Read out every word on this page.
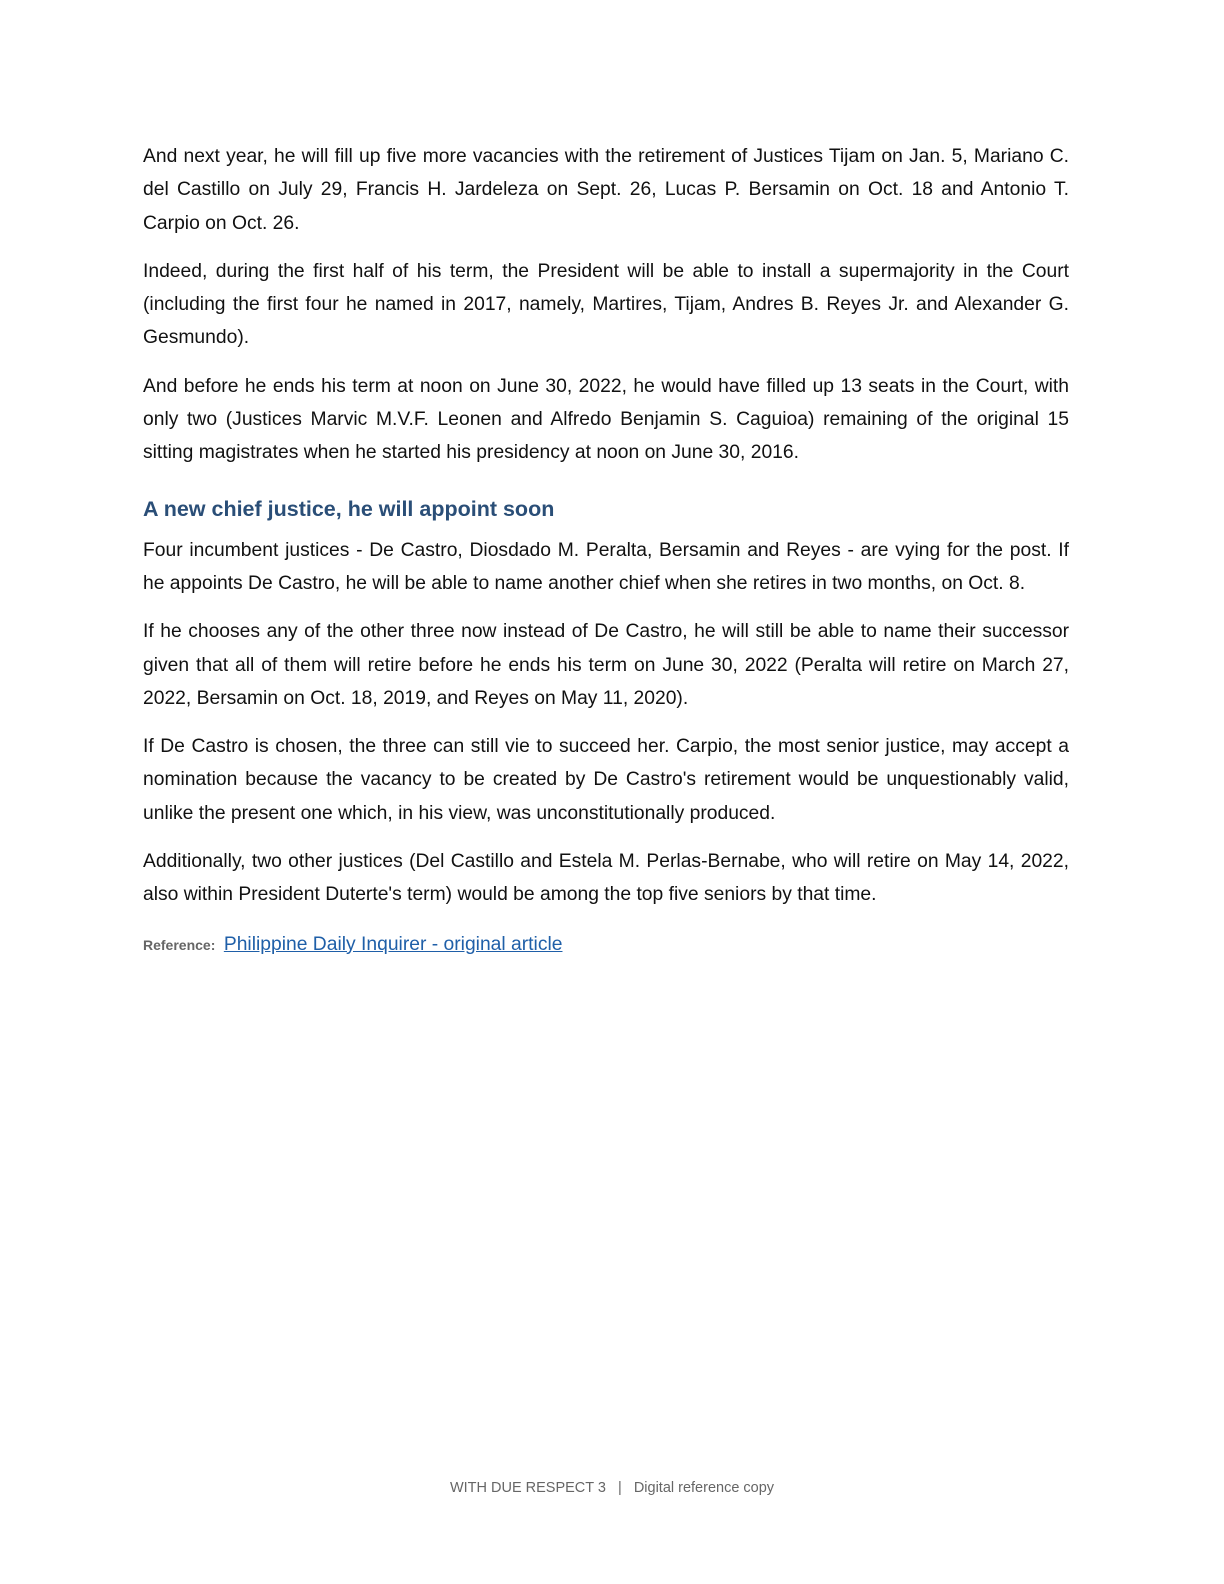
And next year, he will fill up five more vacancies with the retirement of Justices Tijam on Jan. 5, Mariano C. del Castillo on July 29, Francis H. Jardeleza on Sept. 26, Lucas P. Bersamin on Oct. 18 and Antonio T. Carpio on Oct. 26.

Indeed, during the first half of his term, the President will be able to install a supermajority in the Court (including the first four he named in 2017, namely, Martires, Tijam, Andres B. Reyes Jr. and Alexander G. Gesmundo).

And before he ends his term at noon on June 30, 2022, he would have filled up 13 seats in the Court, with only two (Justices Marvic M.V.F. Leonen and Alfredo Benjamin S. Caguioa) remaining of the original 15 sitting magistrates when he started his presidency at noon on June 30, 2016.

A new chief justice, he will appoint soon

Four incumbent justices - De Castro, Diosdado M. Peralta, Bersamin and Reyes - are vying for the post. If he appoints De Castro, he will be able to name another chief when she retires in two months, on Oct. 8.

If he chooses any of the other three now instead of De Castro, he will still be able to name their successor given that all of them will retire before he ends his term on June 30, 2022 (Peralta will retire on March 27, 2022, Bersamin on Oct. 18, 2019, and Reyes on May 11, 2020).

If De Castro is chosen, the three can still vie to succeed her. Carpio, the most senior justice, may accept a nomination because the vacancy to be created by De Castro's retirement would be unquestionably valid, unlike the present one which, in his view, was unconstitutionally produced.

Additionally, two other justices (Del Castillo and Estela M. Perlas-Bernabe, who will retire on May 14, 2022, also within President Duterte's term) would be among the top five seniors by that time.

Reference: Philippine Daily Inquirer - original article
WITH DUE RESPECT 3 | Digital reference copy
